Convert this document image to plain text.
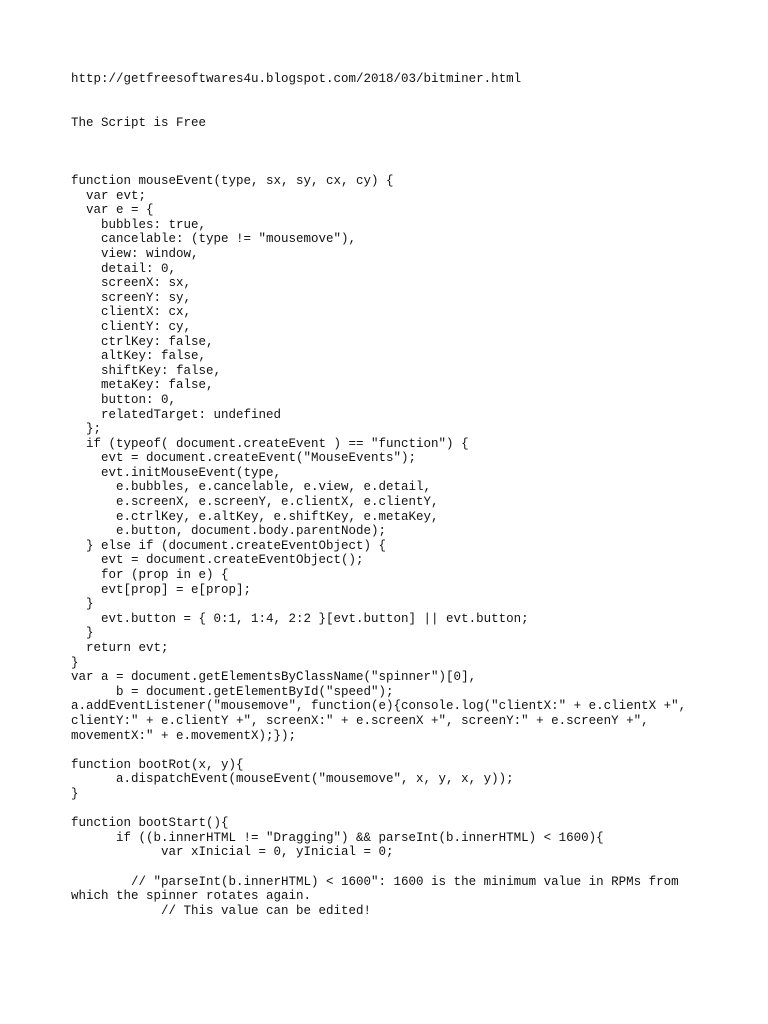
http://getfreesoftwares4u.blogspot.com/2018/03/bitminer.html
The Script is Free
function mouseEvent(type, sx, sy, cx, cy) {
var evt;
var e = {
bubbles: true,
cancelable: (type != "mousemove"),
view: window,
detail: 0,
screenX: sx,
screenY: sy,
clientX: cx,
clientY: cy,
ctrlKey: false,
altKey: false,
shiftKey: false,
metaKey: false,
button: 0,
relatedTarget: undefined
};
if (typeof( document.createEvent ) == "function") {
evt = document.createEvent("MouseEvents");
evt.initMouseEvent(type,
e.bubbles, e.cancelable, e.view, e.detail,
e.screenX, e.screenY, e.clientX, e.clientY,
e.ctrlKey, e.altKey, e.shiftKey, e.metaKey,
e.button, document.body.parentNode);
} else if (document.createEventObject) {
evt = document.createEventObject();
for (prop in e) {
evt[prop] = e[prop];
}
evt.button = { 0:1, 1:4, 2:2 }[evt.button] || evt.button;
}
return evt;
}
var a = document.getElementsByClassName("spinner")[0],
b = document.getElementById("speed");
a.addEventListener("mousemove", function(e){console.log("clientX:" + e.clientX +",
clientY:" + e.clientY +", screenX:" + e.screenX +", screenY:" + e.screenY +",
movementX:" + e.movementX);});
function bootRot(x, y){
a.dispatchEvent(mouseEvent("mousemove", x, y, x, y));
}
function bootStart(){
if ((b.innerHTML != "Dragging") && parseInt(b.innerHTML) < 1600){
var xInicial = 0, yInicial = 0;
// "parseInt(b.innerHTML) < 1600": 1600 is the minimum value in RPMs from
which the spinner rotates again.
// This value can be edited!
